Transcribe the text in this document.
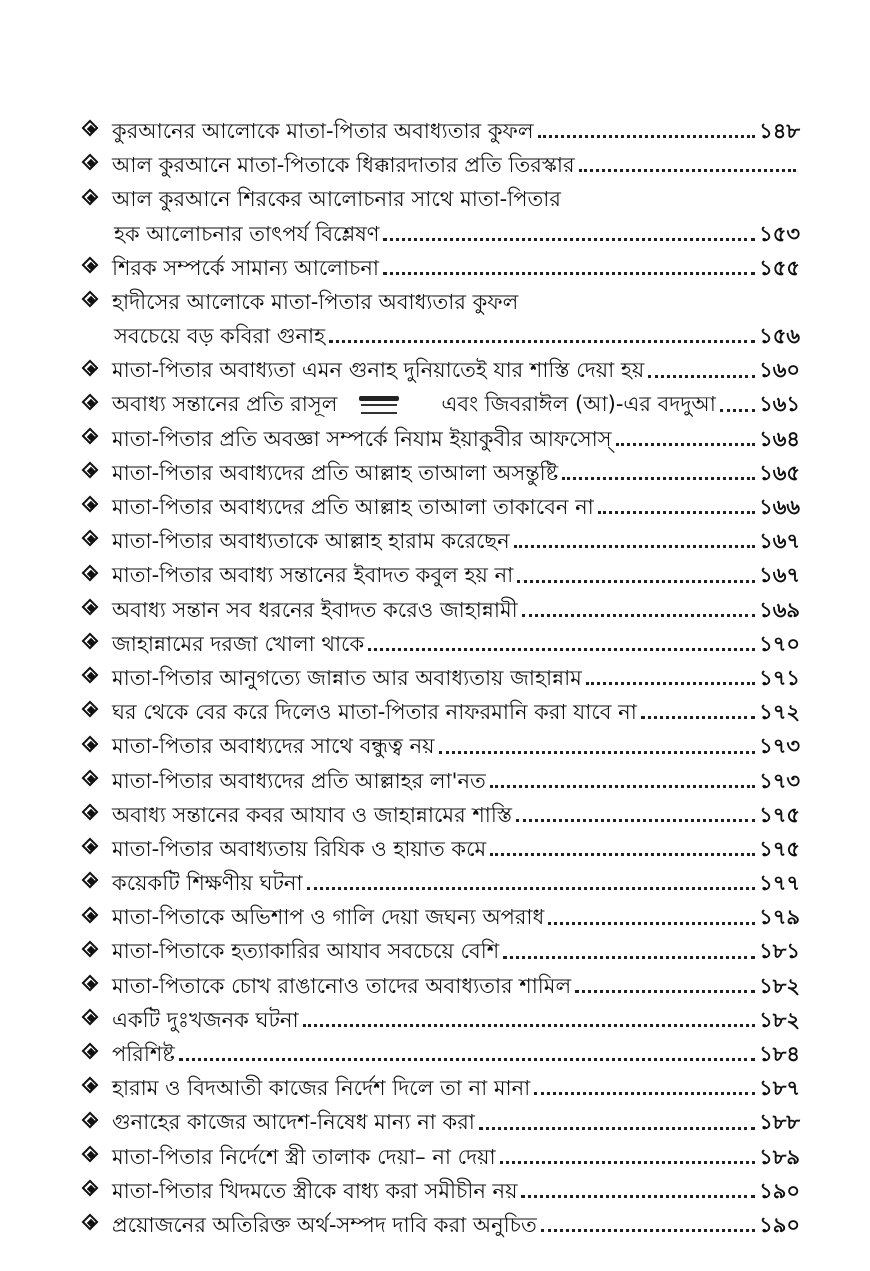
কুরআনের আলোকে মাতা-পিতার অবাধ্যতার কুফল	১৪৮
আল কুরআনে মাতা-পিতাকে ধিক্কারদাতার প্রতি তিরস্কার
আল কুরআনে শিরকের আলোচনার সাথে মাতা-পিতার
হক আলোচনার তাৎপর্য বিশ্লেষণ	১৫৩
শিরক সম্পর্কে সামান্য আলোচনা	১৫৫
হাদীসের আলোকে মাতা-পিতার অবাধ্যতার কুফল
সবচেয়ে বড় কবিরা গুনাহ	১৫৬
মাতা-পিতার অবাধ্যতা এমন গুনাহ দুনিয়াতেই যার শাস্তি দেয়া হয়	১৬০
অবাধ্য সন্তানের প্রতি রাসূল	এবং জিবরাঈল (আ)-এর বদদুআ ১৬১
মাতা-পিতার প্রতি অবজ্ঞা সম্পর্কে নিযাম ইয়াকুবীর আফসোস্	১৬৪
মাতা-পিতার অবাধ্যদের প্রতি আল্লাহ তাআলা অসন্তুষ্টি	১৬৫
মাতা-পিতার অবাধ্যদের প্রতি আল্লাহ তাআলা তাকাবেন না	১৬৬
মাতা-পিতার অবাধ্যতাকে আল্লাহ হারাম করেছেন	১৬৭
মাতা-পিতার অবাধ্য সন্তানের ইবাদত কবুল হয় না	১৬৭
অবাধ্য সন্তান সব ধরনের ইবাদত করেও জাহান্নামী	১৬৯
জাহান্নামের দরজা খোলা থাকে	১৭০
মাতা-পিতার আনুগত্যে জান্নাত আর অবাধ্যতায় জাহান্নাম	১৭১
ঘর থেকে বের করে দিলেও মাতা-পিতার নাফরমানি করা যাবে না	১৭২
মাতা-পিতার অবাধ্যদের সাথে বন্ধুত্ব নয়	১৭৩
মাতা-পিতার অবাধ্যদের প্রতি আল্লাহর লা'নত	১৭৩
অবাধ্য সন্তানের কবর আযাব ও জাহান্নামের শাস্তি	১৭৫
মাতা-পিতার অবাধ্যতায় রিযিক ও হায়াত কমে	১৭৫
কয়েকটি শিক্ষণীয় ঘটনা	১৭৭
মাতা-পিতাকে অভিশাপ ও গালি দেয়া জঘন্য অপরাধ	১৭৯
মাতা-পিতাকে হত্যাকারির আযাব সবচেয়ে বেশি	১৮১
মাতা-পিতাকে চোখ রাঙানোও তাদের অবাধ্যতার শামিল	১৮২
একটি দুঃখজনক ঘটনা	১৮২
পরিশিষ্ট	১৮৪
হারাম ও বিদআতী কাজের নির্দেশ দিলে তা না মানা	১৮৭
গুনাহের কাজের আদেশ-নিষেধ মান্য না করা	১৮৮
মাতা-পিতার নির্দেশে স্ত্রী তালাক দেয়া– না দেয়া	১৮৯
মাতা-পিতার খিদমতে স্ত্রীকে বাধ্য করা সমীচীন নয়	১৯০
প্রয়োজনের অতিরিক্ত অর্থ-সম্পদ দাবি করা অনুচিত	১৯০
